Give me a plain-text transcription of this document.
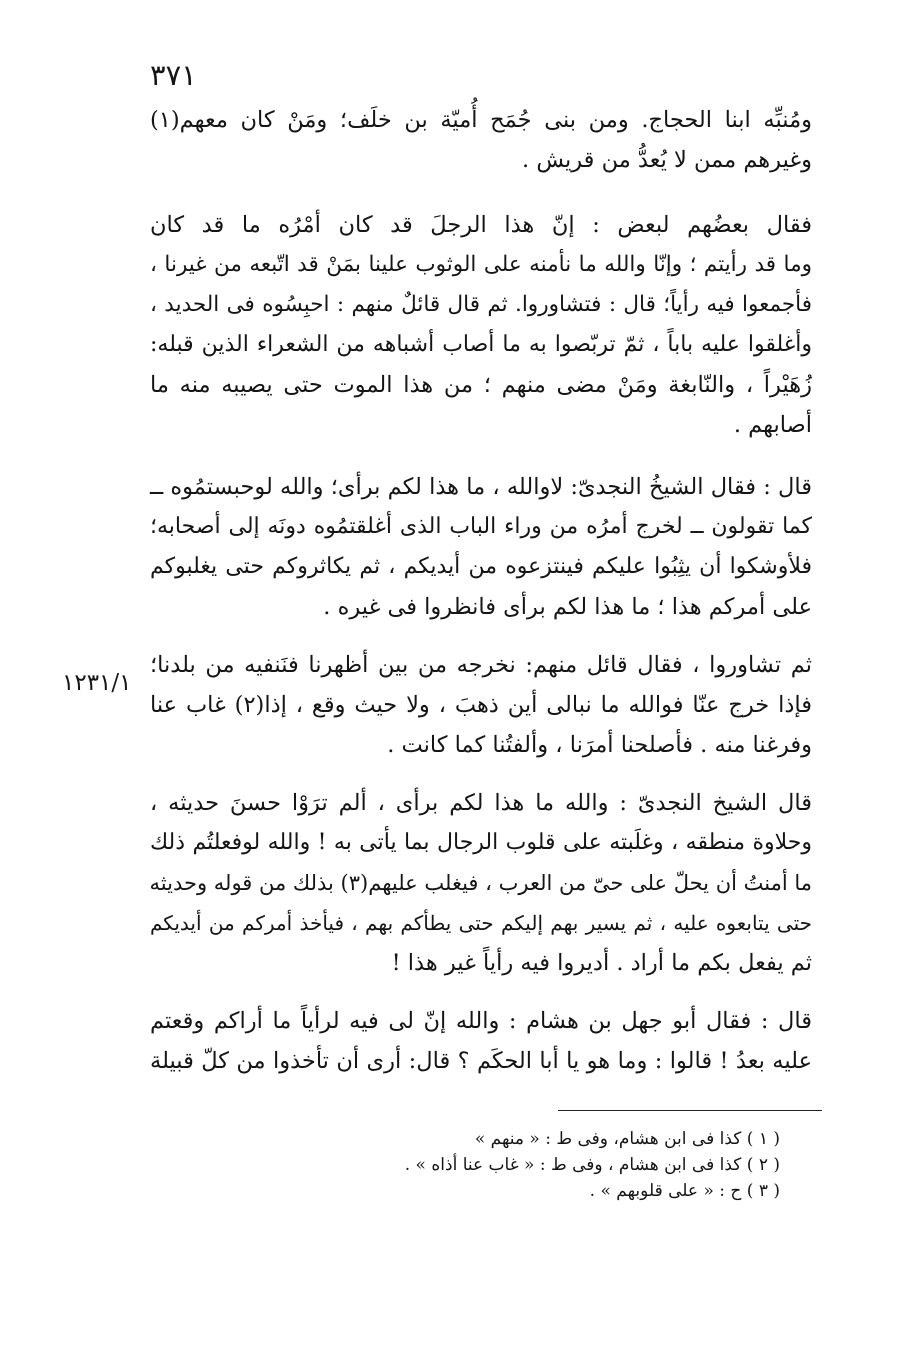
٣٧١
١٢٣١/١
ومُنبِّه ابنا الحجاج. ومن بنى جُمَح أُميّة بن خلَف؛ ومَنْ كان معهم(١)
وغيرهم ممن لا يُعدُّ من قريش .
فقال بعضُهم لبعض : إنّ هذا الرجلَ قد كان أمْرُه ما قد كان
وما قد رأيتم ؛ وإنّا والله ما نأمنه على الوثوب علينا بمَنْ قد اتّبعه من غيرنا ،
فأجمعوا فيه رأياً؛ قال : فتشاوروا. ثم قال قائلٌ منهم : احبِسُوه فى الحديد ،
وأغلقوا عليه باباً ، ثمّ تربّصوا به ما أصاب أشباهه من الشعراء الذين قبله:
زُهَيْراً ، والنّابغة ومَنْ مضى منهم ؛ من هذا الموت حتى يصيبه منه ما
أصابهم .
قال : فقال الشيخُ النجدىّ: لاوالله ، ما هذا لكم برأى؛ والله لوحبستمُوه ــ
كما تقولون ــ لخرج أمرُه من وراء الباب الذى أغلقتمُوه دونَه إلى أصحابه؛
فلأوشكوا أن يثِبُوا عليكم فينتزعوه من أيديكم ، ثم يكاثروكم حتى يغلبوكم
على أمركم هذا ؛ ما هذا لكم برأى فانظروا فى غيره .
ثم تشاوروا ، فقال قائل منهم: نخرجه من بين أظهرنا فنَنفيه من بلدنا؛
فإذا خرج عنّا فوالله ما نبالى أين ذهبَ ، ولا حيث وقع ، إذا(٢) غاب عنا
وفرغنا منه . فأصلحنا أمرَنا ، وألفتُنا كما كانت .
قال الشيخ النجدىّ : والله ما هذا لكم برأى ، ألم ترَوْا حسنَ حديثه ،
وحلاوة منطقه ، وغلَبته على قلوب الرجال بما يأتى به ! والله لوفعلتُم ذلك
ما أمنتُ أن يحلّ على حىّ من العرب ، فيغلب عليهم(٣) بذلك من قوله وحديثه
حتى يتابعوه عليه ، ثم يسير بهم إليكم حتى يطأكم بهم ، فيأخذ أمركم من أيديكم
ثم يفعل بكم ما أراد . أديروا فيه رأياً غير هذا !
قال : فقال أبو جهل بن هشام : والله إنّ لى فيه لرأياً ما أراكم وقعتم
عليه بعدُ ! قالوا : وما هو يا أبا الحكَم ؟ قال: أرى أن تأخذوا من كلّ قبيلة
( ١ ) كذا فى ابن هشام، وفى ط : « منهم »
( ٢ ) كذا فى ابن هشام ، وفى ط : « غاب عنا أذاه » .
( ٣ ) ح : « على قلوبهم » .
